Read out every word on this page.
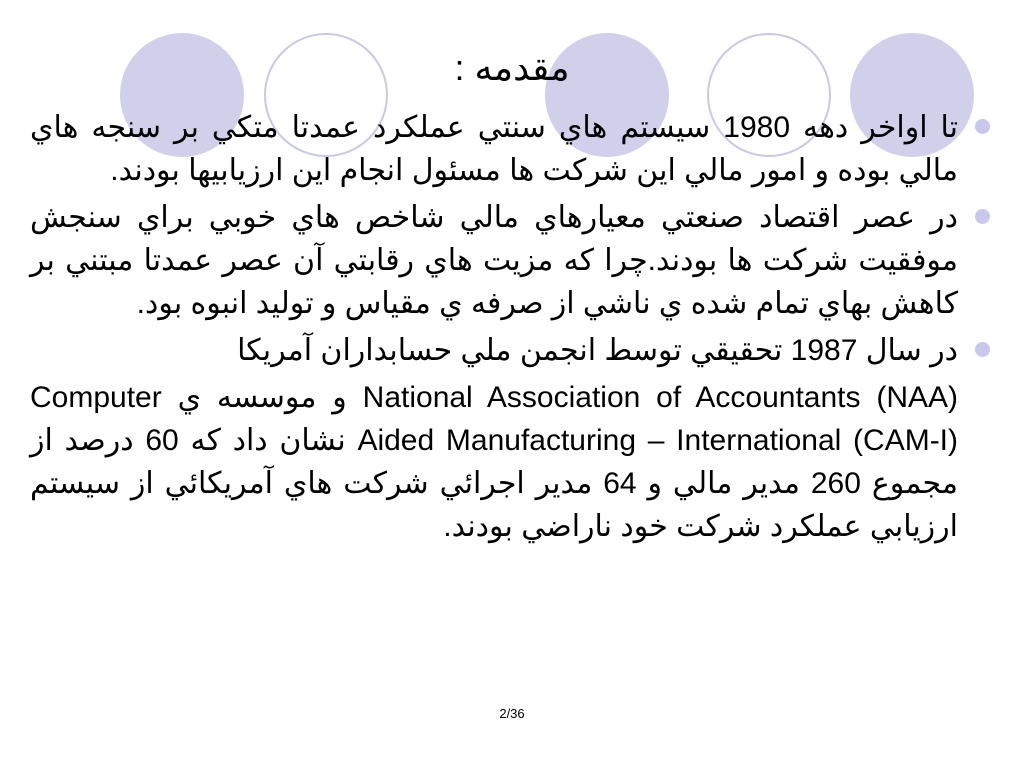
مقدمه :

تا اواخر دهه 1980 سيستم هاي سنتي عملكرد عمدتا متكي بر سنجه هاي مالي بوده و امور مالي اين شركت ها مسئول انجام اين ارزيابيها بودند.

در عصر اقتصاد صنعتي معيارهاي مالي شاخص هاي خوبي براي سنجش موفقيت شركت ها بودند.چرا كه مزيت هاي رقابتي آن عصر عمدتا مبتني بر كاهش بهاي تمام شده ي ناشي از صرفه ي مقياس و توليد انبوه بود.

در سال 1987 تحقيقي توسط انجمن ملي حسابداران آمريكا

National Association of Accountants (NAA) و موسسه ي Computer Aided Manufacturing – International (CAM-I) نشان داد كه 60 درصد از مجموع 260 مدير مالي و 64 مدير اجرائي شركت هاي آمريكائي از سيستم ارزيابي عملكرد شركت خود ناراضي بودند.

2/36
